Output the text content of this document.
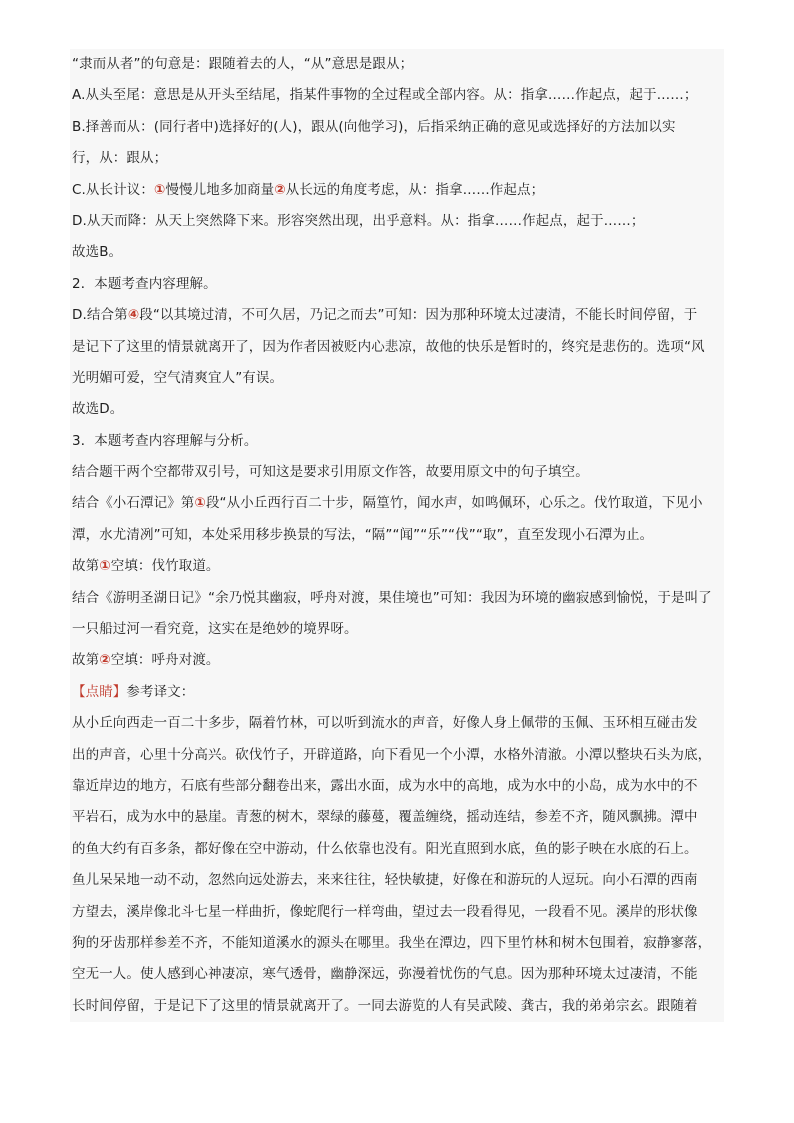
“隶而从者”的句意是：跟随着去的人，“从”意思是跟从；
A.从头至尾：意思是从开头至结尾，指某件事物的全过程或全部内容。从：指拿……作起点，起于……；
B.择善而从：(同行者中)选择好的(人)，跟从(向他学习)，后指采纳正确的意见或选择好的方法加以实
行，从：跟从；
C.从长计议：①慢慢儿地多加商量②从长远的角度考虑，从：指拿……作起点；
D.从天而降：从天上突然降下来。形容突然出现，出乎意料。从：指拿……作起点，起于……；
故选B。
2．本题考查内容理解。
D.结合第④段“以其境过清，不可久居，乃记之而去”可知：因为那种环境太过凄清，不能长时间停留，于
是记下了这里的情景就离开了，因为作者因被贬内心悲凉，故他的快乐是暂时的，终究是悲伤的。选项“风
光明媚可爱，空气清爽宜人”有误。
故选D。
3．本题考查内容理解与分析。
结合题干两个空都带双引号，可知这是要求引用原文作答，故要用原文中的句子填空。
结合《小石潭记》第①段“从小丘西行百二十步，隔篁竹，闻水声，如鸣佩环，心乐之。伐竹取道，下见小
潭，水尤清冽”可知，本处采用移步换景的写法，“隔”“闻”“乐”“伐”“取”，直至发现小石潭为止。
故第①空填：伐竹取道。
结合《游明圣湖日记》“余乃悦其幽寂，呼舟对渡，果佳境也”可知：我因为环境的幽寂感到愉悦，于是叫了
一只船过河一看究竟，这实在是绝妙的境界呀。
故第②空填：呼舟对渡。
【点睛】参考译文：
从小丘向西走一百二十多步，隔着竹林，可以听到流水的声音，好像人身上佩带的玉佩、玉环相互碰击发
出的声音，心里十分高兴。砍伐竹子，开辟道路，向下看见一个小潭，水格外清澈。小潭以整块石头为底，
靠近岸边的地方，石底有些部分翻卷出来，露出水面，成为水中的高地，成为水中的小岛，成为水中的不
平岩石，成为水中的悬崖。青葱的树木，翠绿的藤蔓，覆盖缠绕，摇动连结，参差不齐，随风飘拂。潭中
的鱼大约有百多条，都好像在空中游动，什么依靠也没有。阳光直照到水底，鱼的影子映在水底的石上。
鱼儿呆呆地一动不动，忽然向远处游去，来来往往，轻快敏捷，好像在和游玩的人逗玩。向小石潭的西南
方望去，溪岸像北斗七星一样曲折，像蛇爬行一样弯曲，望过去一段看得见，一段看不见。溪岸的形状像
狗的牙齿那样参差不齐，不能知道溪水的源头在哪里。我坐在潭边，四下里竹林和树木包围着，寂静寥落，
空无一人。使人感到心神凄凉，寒气透骨，幽静深远，弥漫着忧伤的气息。因为那种环境太过凄清，不能
长时间停留，于是记下了这里的情景就离开了。一同去游览的人有吴武陵、龚古，我的弟弟宗玄。跟随着
